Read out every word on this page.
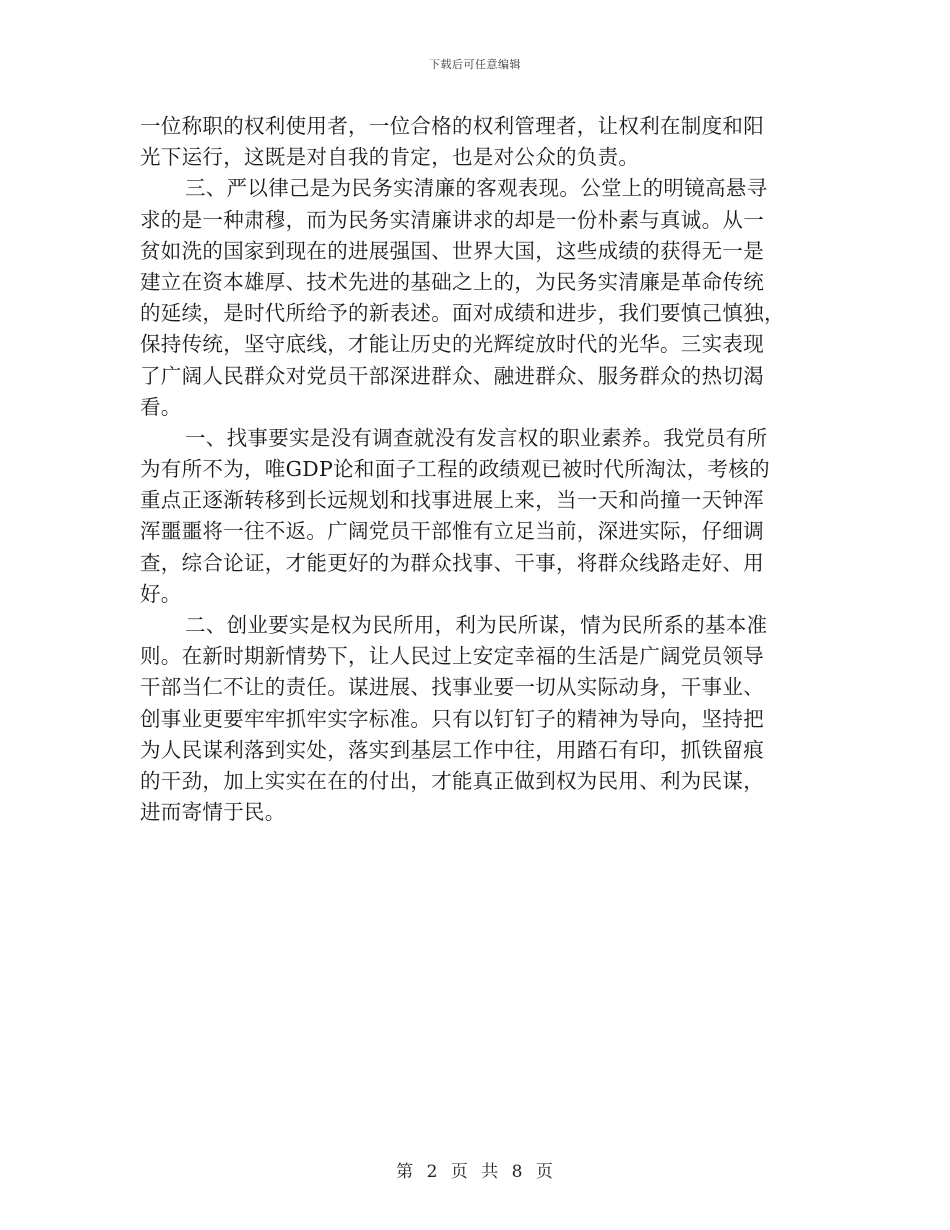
下载后可任意编辑
一位称职的权利使用者，一位合格的权利管理者，让权利在制度和阳
光下运行，这既是对自我的肯定，也是对公众的负责。
三、严以律己是为民务实清廉的客观表现。公堂上的明镜高悬寻
求的是一种肃穆，而为民务实清廉讲求的却是一份朴素与真诚。从一
贫如洗的国家到现在的进展强国、世界大国，这些成绩的获得无一是
建立在资本雄厚、技术先进的基础之上的，为民务实清廉是革命传统
的延续，是时代所给予的新表述。面对成绩和进步，我们要慎己慎独，
保持传统，坚守底线，才能让历史的光辉绽放时代的光华。三实表现
了广阔人民群众对党员干部深进群众、融进群众、服务群众的热切渴
看。
一、找事要实是没有调查就没有发言权的职业素养。我党员有所
为有所不为，唯GDP论和面子工程的政绩观已被时代所淘汰，考核的
重点正逐渐转移到长远规划和找事进展上来，当一天和尚撞一天钟浑
浑噩噩将一往不返。广阔党员干部惟有立足当前，深进实际，仔细调
查，综合论证，才能更好的为群众找事、干事，将群众线路走好、用
好。
二、创业要实是权为民所用，利为民所谋，情为民所系的基本准
则。在新时期新情势下，让人民过上安定幸福的生活是广阔党员领导
干部当仁不让的责任。谋进展、找事业要一切从实际动身，干事业、
创事业更要牢牢抓牢实字标准。只有以钉钉子的精神为导向，坚持把
为人民谋利落到实处，落实到基层工作中往，用踏石有印，抓铁留痕
的干劲，加上实实在在的付出，才能真正做到权为民用、利为民谋，
进而寄情于民。
第 2 页 共 8 页
